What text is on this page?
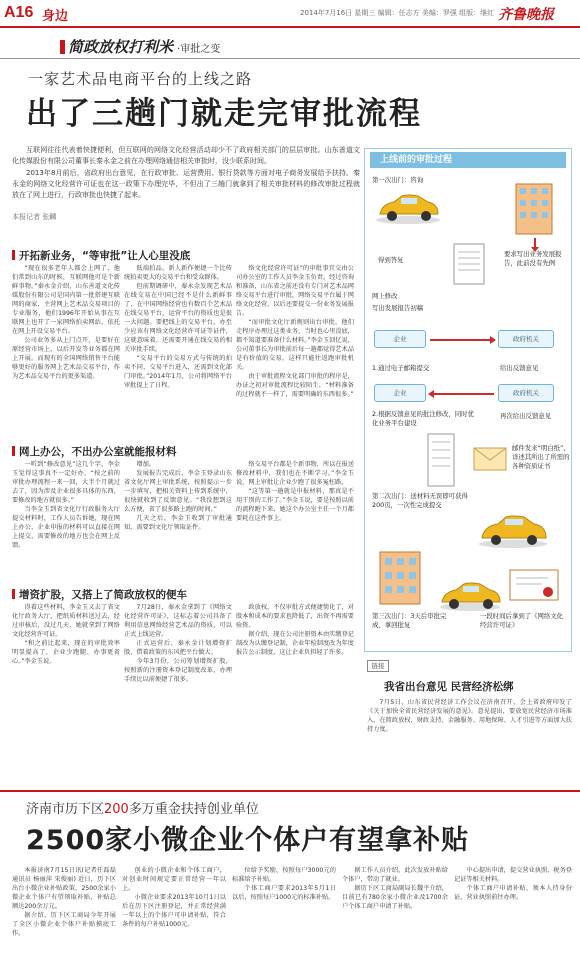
A16 身边	2014年7月16日 星期三 编辑：任志方 美编：罗强 组版：继红 齐鲁晚报
简政放权打利米 ·审批之变
一家艺术品电商平台的上线之路
出了三趟门就走完审批流程

互联网往往代表着快捷便利，但互联网的网络文化经营活动却少不了政府相关部门的层层审批。山东善道文化传媒股份有限公司董事长秦永金之前在办理网络通信相关审批时，没少联系时间。

2013年8月前后，省政府出台意见，在行政审批、运营费用、银行贷款等方面对电子商务发展给予扶持。秦永金的网络文化经营许可证也在这一政策下办理完毕，不但出了三趟门就拿到了相关审批材料的修改审批过程就放在了网上进行，行政审批也快捷了起来。

本报记者 张麟
开拓新业务，“等审批”让人心里没底

“现在很多老年人都会上网了，他们常到山东的时候，互联网他可是个新鲜事物。”秦永金介绍，山东善道文化传媒股份有限公司是国内第一批搭建互联网的商家，主营网上艺术品交易项目的专业服务，他们1996年开始从事在互联网上也开了一家网络拍卖网站，依托在网上开设交易平台。

公司业务多从上门点开，是要好在原经营市场上，以后开发等业务都在网上开展。而现有的全国网络销售平台能够更好的服务网上艺术品交易平台，作为艺术品交易平台的更多渠道。

低端拍品，新人新作便捷一个比传统拍卖更大的交易平台和受众群体。

但前期调研中，秦永金发现艺术品在线交易在中国已经不是什么新鲜事了，在中国网络经营也有数百个艺术品在线交易平台，运营平台的资质也是很一大问题。要把线上的交易平台，办至少应该有网络文化经营许可证等证件，这就意味着，还需要开通在线交易的相关审批手续。

“交易平台的交易方式与传统的拍卖不同，交易平台进入，还需到文化部门审批。”2014年1月，公司将网络平台审批提上了日程。

络文化经营许可证”的审批事宜交由公司办公室的工作人员李金玉负责。经过咨询和准备，山东省之前还没有专门对艺术品网络交易平台进行审批，网络交易平台属于网络文化经营，以后还要提交一份业务发展报告。

“而审批文化厅新规则出台审批，他们走程序办理过这类业务，当时也心里没底，都不知道要准备什么材料。”李金玉回忆说，公司董事长为审批前后每一趟都觉得艺术品是有价值的交易，这样只能往返跑审批机关。

由于审批流程文化部门审批的程序是，办证之初对审批流程比较陌生，“材料准备的过程就不一样了，需要明确的东西很多。”

网上办公，不出办公室就能报材料

一听到“修改意见”这几个字，李金玉觉得这事真不一定好办，“按之前的审批办理流程一来一回，大半个月就过去了，因为涉及企业很多具体的东西，要修改的地方就很多。”

当李金玉到省文化厅行政服务大厅提交材料时，工作人员告诉她，现在网上办公，企业申报的材料可以直接在网上提交，需要修改的地方也会在网上反馈。

增加。

发展报告完成后，李金玉登录山东省文化厅网上审批系统，按照提示一步一步填写，把相关资料上传到系统中，很快就收到了反馈意见。“我没想到这么方便，省了很多路上跑的时间。”

几天之后，李金玉收到了审批通知，需要到文化厅领取证件。

络交易平台都是个新事物，所以在报送修改材料中，我们也在不断学习。”李金玉说，网上审批让企业少跑了很多冤枉路。

“这等第一趟就是申报材料，那真是不用干别的工作了。”李金玉说，要是按照以前的流程跑下来，她这个办公室主任一个月都要耗在这件事上。

增资扩股，又搭上了简政放权的便车

得着这些材料，李金玉又去了省文化厅政务大厅，把纸质材料送过去，经过审核后，没过几天，她就拿到了网络文化经营许可证。

“和之前比起来，现在的审批效率明显提高了，企业少跑腿、办事更省心。”李金玉说。

7月28日，秦永金拿到了《网络文化经营许可证》，这标志着公司具备了利用信息网络经营艺术品的资质，可以正式上线运营。

正式运营后，秦永金计划增资扩股，借着政策的东风把平台做大。

今年3月份，公司筹划增资扩股，按照新的注册资本登记制度改革，办理手续比以前便捷了很多。

政放权，不仅审批方式便捷简化了，对股本和成本的要求也降低了，出资不再需要验资。

据介绍，现在公司注册资本由实缴登记制改为认缴登记制，企业年检制度改为年度报告公示制度，这让企业负担轻了许多。

上线前的审批过程
第一次出门：咨询
得到答复
要求写出业务发展报告，此前没有先例
网上修改
写出发展报告初稿
企业	政府机关
1.通过电子邮箱提交	给出反馈意见
企业	政府机关
2.根据反馈意见的批注修改，同时优化业务平台建设
再次给出反馈意见
邮件发来“明白纸”，详述其所出了所需的各种资质证书
第二次出门：送材料无误即可获得200页，一次性完成提交
第三次出门：3天后审批完成，拿回批复
一段时间后拿到了《网络文化经营许可证》
链接
我省出台意见 民营经济松绑

7月5日，山东省民营经济工作会议在济南召开，会上省政府印发了《关于加快全省民营经济发展的意见》。意见提出，要放宽民营经济市场准入，在简政放权、财政支持、金融服务、用地保障、人才引进等方面加大扶持力度。

济南市历下区200多万重金扶持创业单位
2500家小微企业个体户有望拿补贴

本报济南7月15日讯(记者任磊磊 通讯员 杨丽萍 宋俊丽) 近日，历下区出台小微企业补贴政策，2500余家小微企业个体户有望领取补贴，补贴总额达200余万元。

据介绍，历下区工商局今年开展了全区小微企业个体户补贴摸底工作。

创业的小微企业和个体工商户，对创业时间规定要正常经营一年以上。

小微企业要求2013年10月1日以后在历下区注册登记，并正常经营满一年以上的个体户可申请补贴，符合条件的每户补贴1000元。

位给予奖励，按照每户3000元的标准给予补贴。

个体工商户要求2013年5月1日以后，按照每户1000元的标准补贴。

据工作人员介绍，此次发放补贴给个体户，带动了就业。

据历下区工商局副局长魏平介绍，目前已有780余家小微企业及1700余户个体工商户申请了补贴。

中心提出申请，提交营业执照、税务登记证等相关材料。

个体工商户申请补贴，须本人持身份证、营业执照前往办理。
